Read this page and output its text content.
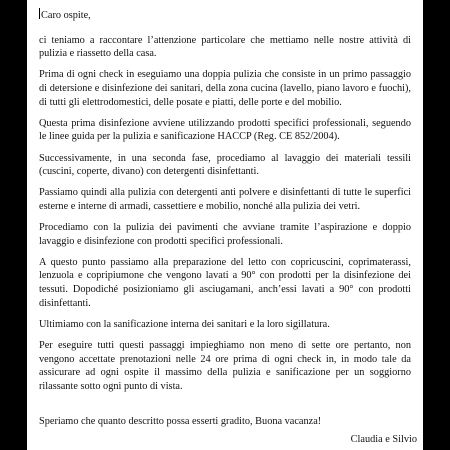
Caro ospite,

ci teniamo a raccontare l’attenzione particolare che mettiamo nelle nostre attività di pulizia e riassetto della casa.

Prima di ogni check in eseguiamo una doppia pulizia che consiste in un primo passaggio di detersione e disinfezione dei sanitari, della zona cucina (lavello, piano lavoro e fuochi), di tutti gli elettrodomestici, delle posate e piatti, delle porte e del mobilio.

Questa prima disinfezione avviene utilizzando prodotti specifici professionali, seguendo le linee guida per la pulizia e sanificazione HACCP (Reg. CE 852/2004).

Successivamente, in una seconda fase, procediamo al lavaggio dei materiali tessili (cuscini, coperte, divano) con detergenti disinfettanti.

Passiamo quindi alla pulizia con detergenti anti polvere e disinfettanti di tutte le superfici esterne e interne di armadi, cassettiere e mobilio, nonché alla pulizia dei vetri.

Procediamo con la pulizia dei pavimenti che avviane tramite l’aspirazione e doppio lavaggio e disinfezione con prodotti specifici professionali.

A questo punto passiamo alla preparazione del letto con copricuscini, coprimaterassi, lenzuola e copripiumone che vengono lavati a 90° con prodotti per la disinfezione dei tessuti. Dopodiché posizioniamo gli asciugamani, anch’essi lavati a 90° con prodotti disinfettanti.

Ultimiamo con la sanificazione interna dei sanitari e la loro sigillatura.

Per eseguire tutti questi passaggi impieghiamo non meno di sette ore pertanto, non vengono accettate prenotazioni nelle 24 ore prima di ogni check in, in modo tale da assicurare ad ogni ospite il massimo della pulizia e sanificazione per un soggiorno rilassante sotto ogni punto di vista.

Speriamo che quanto descritto possa esserti gradito, Buona vacanza!

Claudia e Silvio
